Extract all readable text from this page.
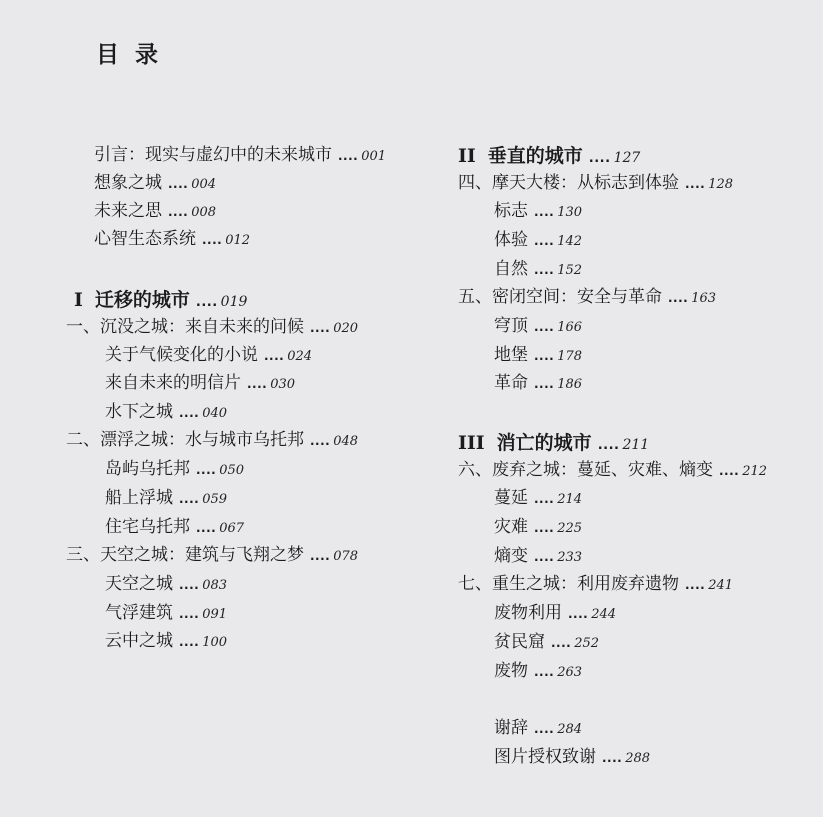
目 录
引言：现实与虚幻中的未来城市 .... 001
想象之城 .... 004
未来之思 .... 008
心智生态系统 .... 012
I 迁移的城市 .... 019
一、沉没之城：来自未来的问候 .... 020
关于气候变化的小说 .... 024
来自未来的明信片 .... 030
水下之城 .... 040
二、漂浮之城：水与城市乌托邦 .... 048
岛屿乌托邦 .... 050
船上浮城 .... 059
住宅乌托邦 .... 067
三、天空之城：建筑与飞翔之梦 .... 078
天空之城 .... 083
气浮建筑 .... 091
云中之城 .... 100
II 垂直的城市 .... 127
四、摩天大楼：从标志到体验 .... 128
标志 .... 130
体验 .... 142
自然 .... 152
五、密闭空间：安全与革命 .... 163
穹顶 .... 166
地堡 .... 178
革命 .... 186
III 消亡的城市 .... 211
六、废弃之城：蔓延、灾难、熵变 .... 212
蔓延 .... 214
灾难 .... 225
熵变 .... 233
七、重生之城：利用废弃遗物 .... 241
废物利用 .... 244
贫民窟 .... 252
废物 .... 263
谢辞 .... 284
图片授权致谢 .... 288
